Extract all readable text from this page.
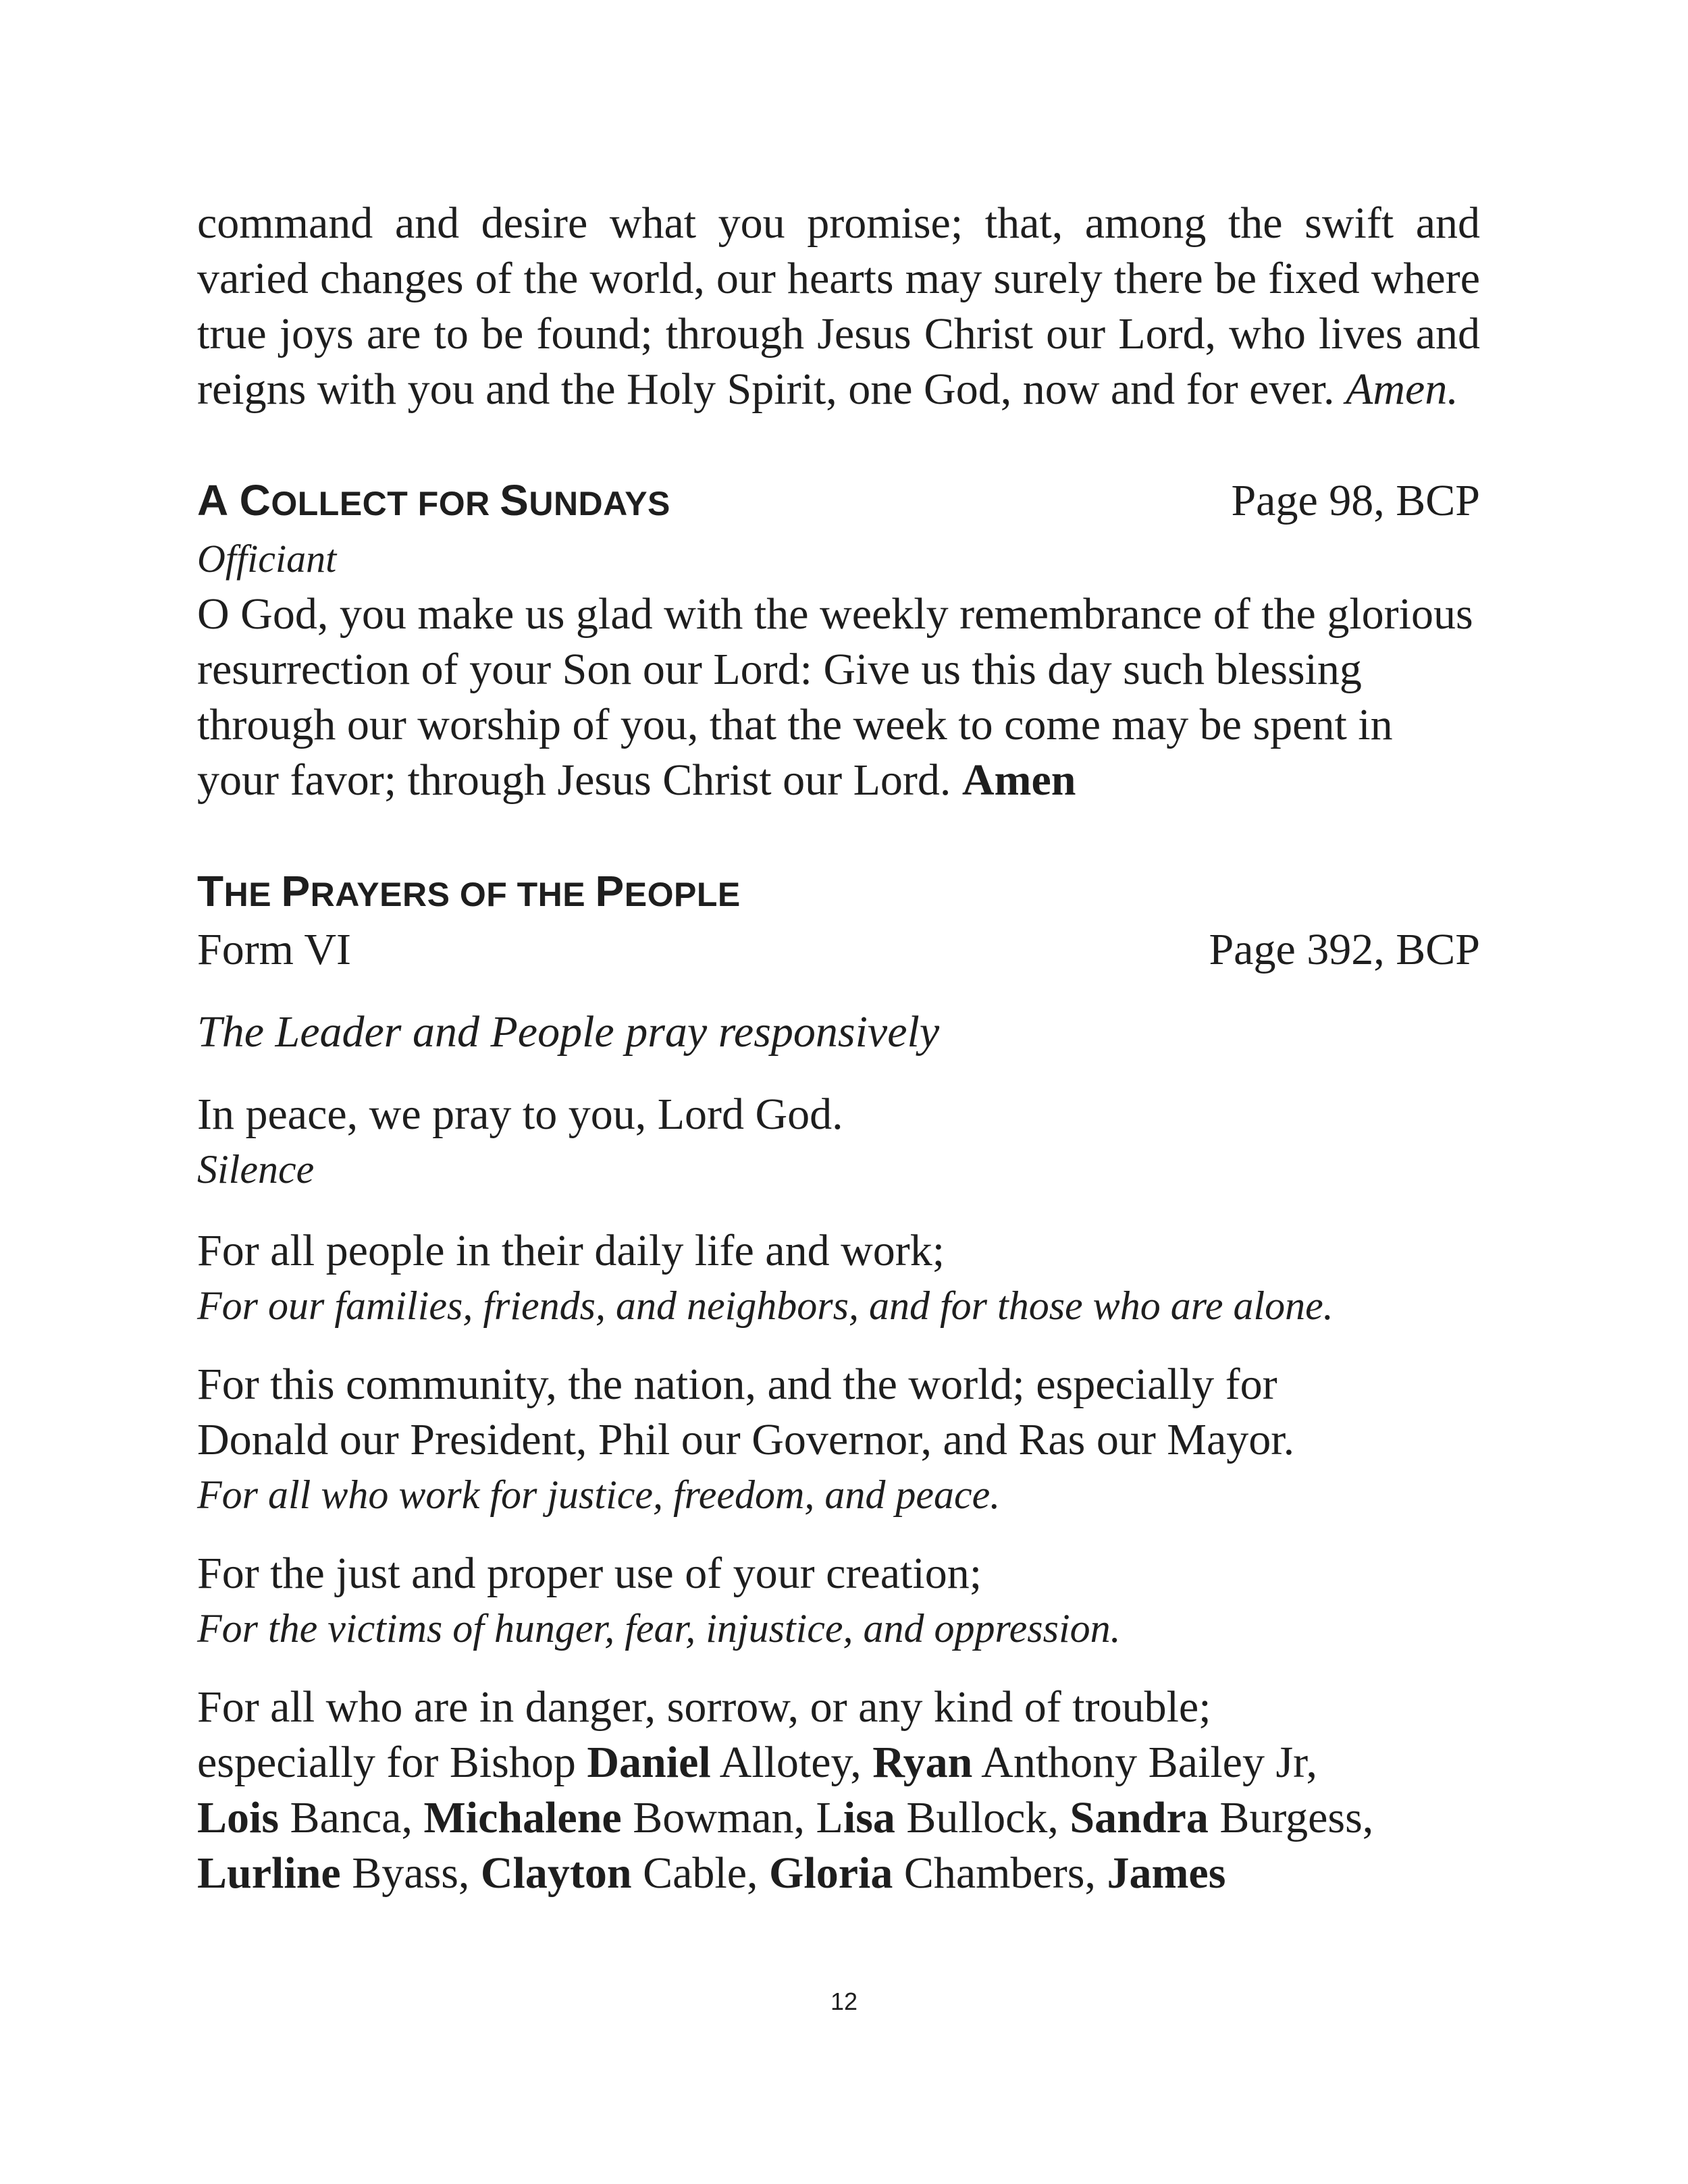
command and desire what you promise; that, among the swift and varied changes of the world, our hearts may surely there be fixed where true joys are to be found; through Jesus Christ our Lord, who lives and reigns with you and the Holy Spirit, one God, now and for ever. Amen.

A COLLECT FOR SUNDAYS	Page 98, BCP

Officiant

O God, you make us glad with the weekly remembrance of the glorious resurrection of your Son our Lord: Give us this day such blessing through our worship of you, that the week to come may be spent in your favor; through Jesus Christ our Lord. Amen

THE PRAYERS OF THE PEOPLE
Form VI	Page 392, BCP

The Leader and People pray responsively

In peace, we pray to you, Lord God.

Silence

For all people in their daily life and work;

For our families, friends, and neighbors, and for those who are alone.

For this community, the nation, and the world; especially for

Donald our President, Phil our Governor, and Ras our Mayor.

For all who work for justice, freedom, and peace.

For the just and proper use of your creation;

For the victims of hunger, fear, injustice, and oppression.

For all who are in danger, sorrow, or any kind of trouble;

especially for Bishop Daniel Allotey, Ryan Anthony Bailey Jr,
Lois Banca, Michalene Bowman, Lisa Bullock, Sandra Burgess,
Lurline Byass, Clayton Cable, Gloria Chambers, James

12
